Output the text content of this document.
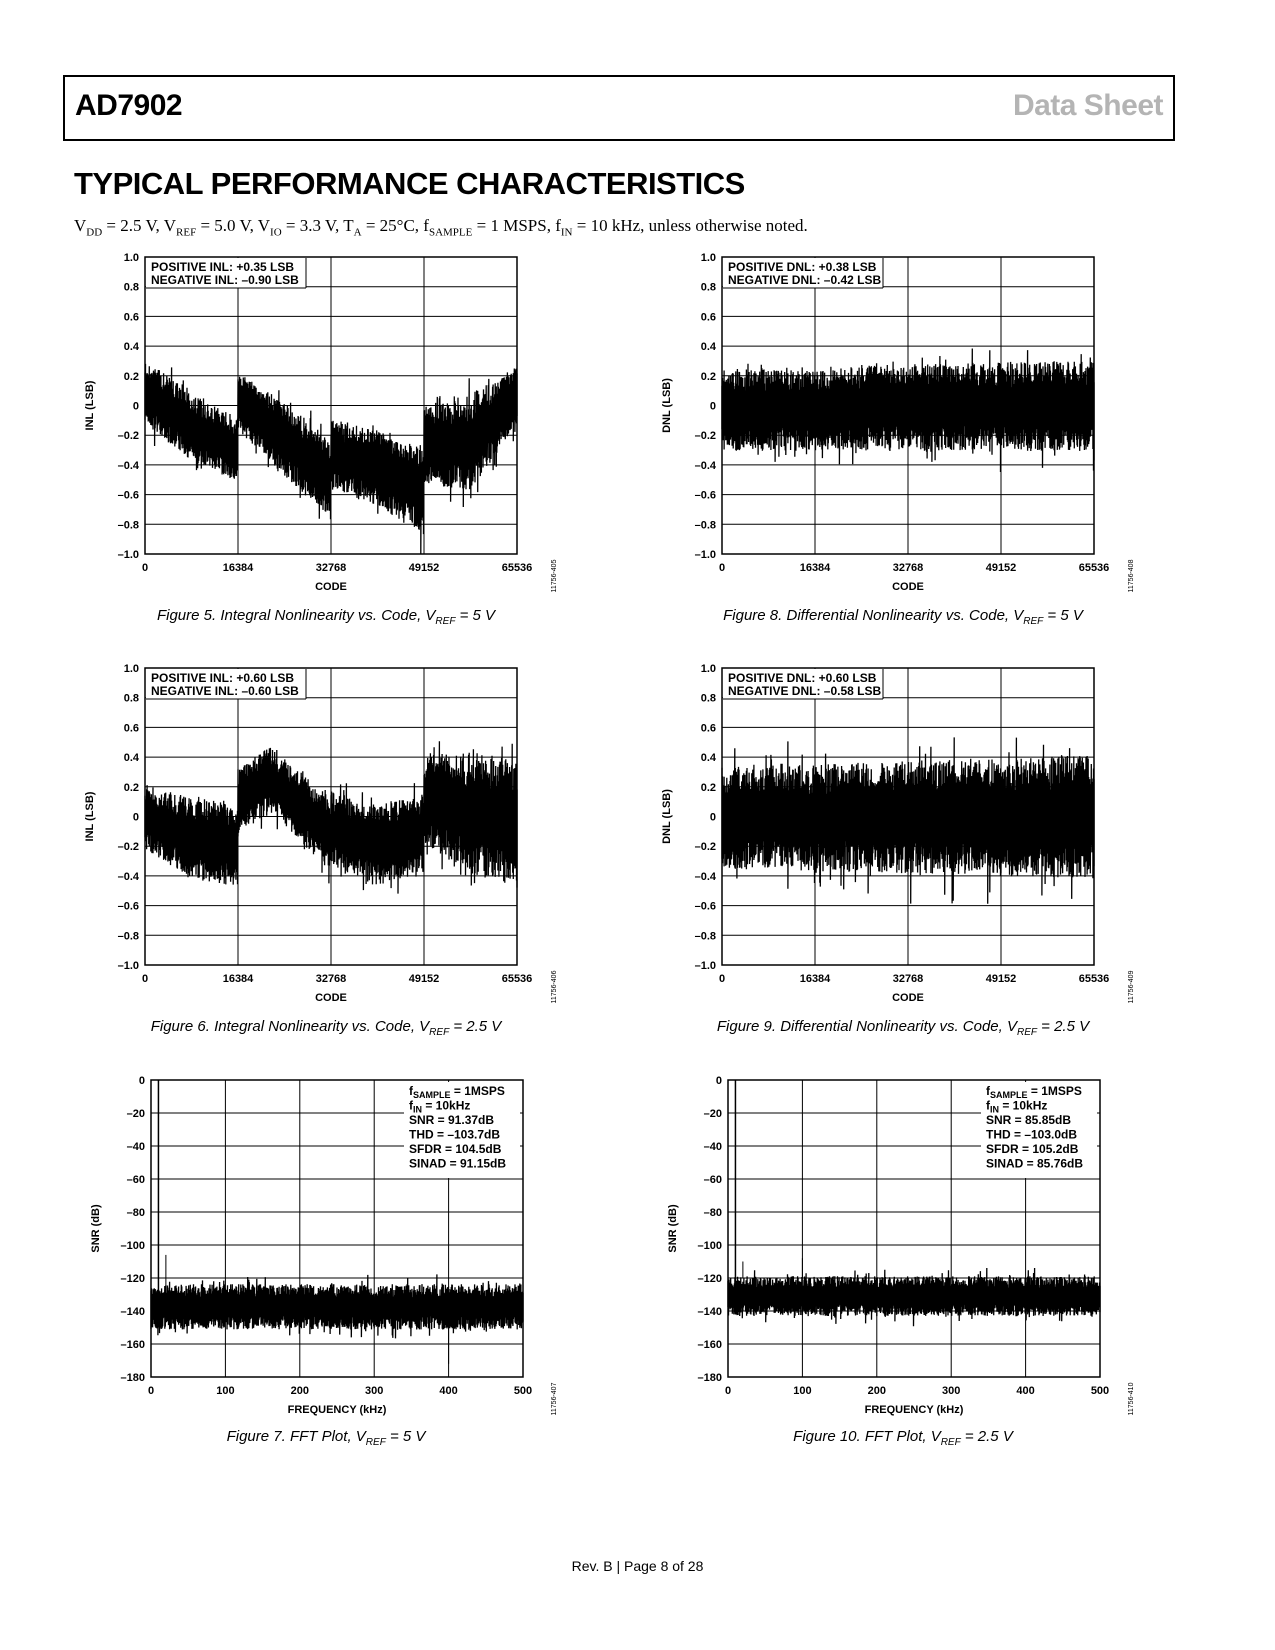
AD7902	Data Sheet
TYPICAL PERFORMANCE CHARACTERISTICS
$V_{DD} = 2.5$ V, $V_{REF} = 5.0$ V, $V_{IO} = 3.3$ V, $T_A = 25^\circ C$, $f_{SAMPLE} = 1$ MSPS, $f_{IN} = 10$ kHz, unless otherwise noted.
1.0
0.8
0.6
0.4
0.2
0
–0.2
–0.4
–0.6
–0.8
–1.0
0	16384	32768	49152	65536
CODE
INL (LSB)
POSITIVE INL: +0.35 LSB
NEGATIVE INL: –0.90 LSB
11756-405
1.0
0.8
0.6
0.4
0.2
0
–0.2
–0.4
–0.6
–0.8
–1.0
0	16384	32768	49152	65536
CODE
DNL (LSB)
POSITIVE DNL: +0.38 LSB
NEGATIVE DNL: –0.42 LSB
11756-408
1.0
0.8
0.6
0.4
0.2
0
–0.2
–0.4
–0.6
–0.8
–1.0
0	16384	32768	49152	65536
CODE
INL (LSB)
POSITIVE INL: +0.60 LSB
NEGATIVE INL: –0.60 LSB
11756-406
1.0
0.8
0.6
0.4
0.2
0
–0.2
–0.4
–0.6
–0.8
–1.0
0	16384	32768	49152	65536
CODE
DNL (LSB)
POSITIVE DNL: +0.60 LSB
NEGATIVE DNL: –0.58 LSB
11756-409
0
–20
–40
–60
–80
–100
–120
–140
–160
–180
0	100	200	300	400	500
FREQUENCY (kHz)
SNR (dB)
$f_{SAMPLE}$ = 1MSPS
$f_{IN} = 10kHz$
SNR = 91.37dB
THD = –103.7dB
SFDR = 104.5dB
SINAD = 91.15dB
11756-407
0
–20
–40
–60
–80
–100
–120
–140
–160
–180
0	100	200	300	400	500
FREQUENCY (kHz)
SNR (dB)
$f_{SAMPLE}$ = 1MSPS
$f_{IN} = 10kHz$
SNR = 85.85dB
THD = –103.0dB
SFDR = 105.2dB
SINAD = 85.76dB
11756-410
Figure 5. Integral Nonlinearity vs. Code, $V_{REF} = 5$ V	Figure 8. Differential Nonlinearity vs. Code, $V_{REF} = 5$ V
Figure 6. Integral Nonlinearity vs. Code, $V_{REF} = 2.5$ V	Figure 9. Differential Nonlinearity vs. Code, $V_{REF} = 2.5$ V
Figure 7. FFT Plot, $V_{REF} = 5$ V	Figure 10. FFT Plot, $V_{REF} = 2.5$ V
Rev. B | Page 8 of 28
